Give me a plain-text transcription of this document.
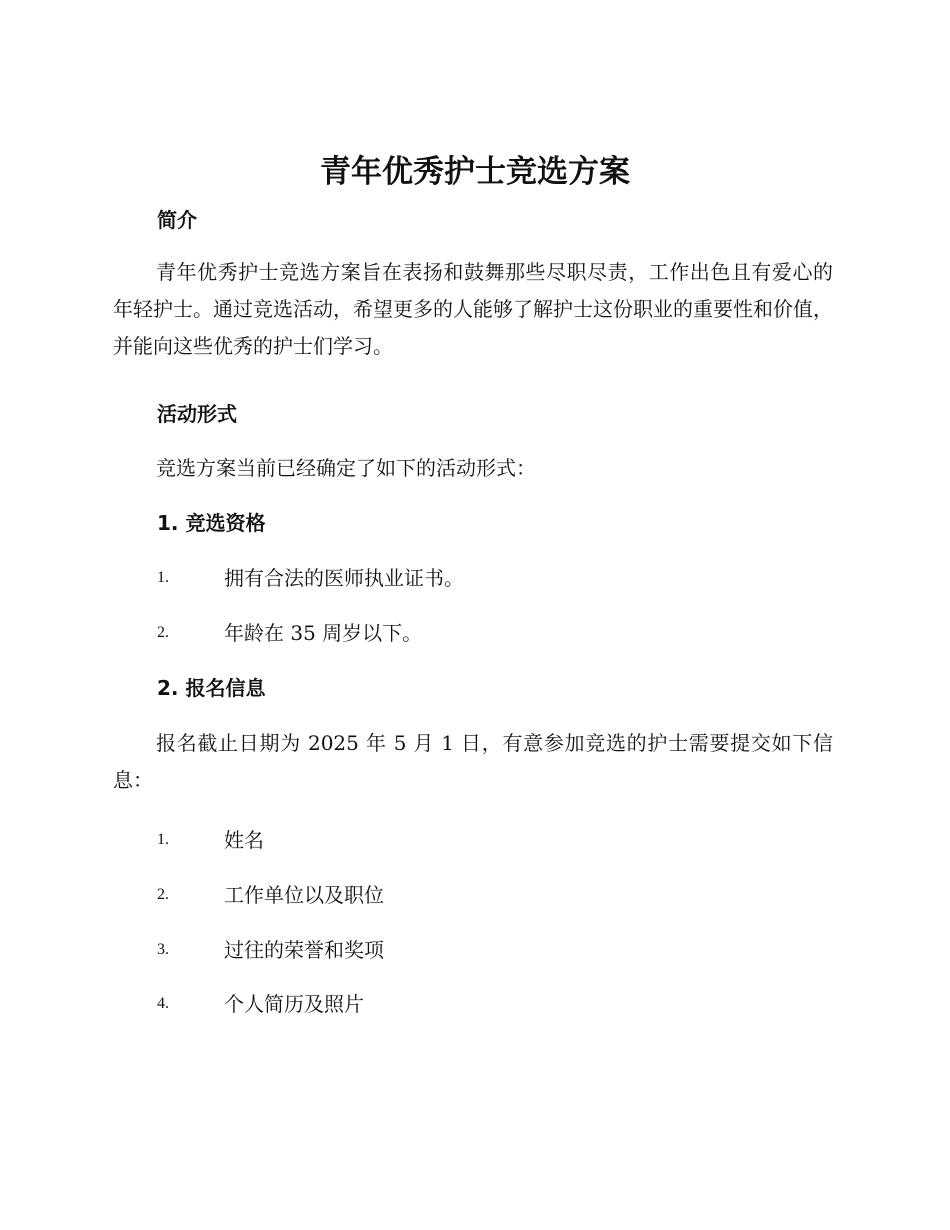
青年优秀护士竞选方案
简介

青年优秀护士竞选方案旨在表扬和鼓舞那些尽职尽责，工作出色且有爱心的年轻护士。通过竞选活动，希望更多的人能够了解护士这份职业的重要性和价值，并能向这些优秀的护士们学习。

活动形式

竞选方案当前已经确定了如下的活动形式：

1. 竞选资格
1.	拥有合法的医师执业证书。
2.	年龄在 35 周岁以下。
2. 报名信息

报名截止日期为 2025 年 5 月 1 日，有意参加竞选的护士需要提交如下信息：

1.	姓名
2.	工作单位以及职位
3.	过往的荣誉和奖项
4.	个人简历及照片
